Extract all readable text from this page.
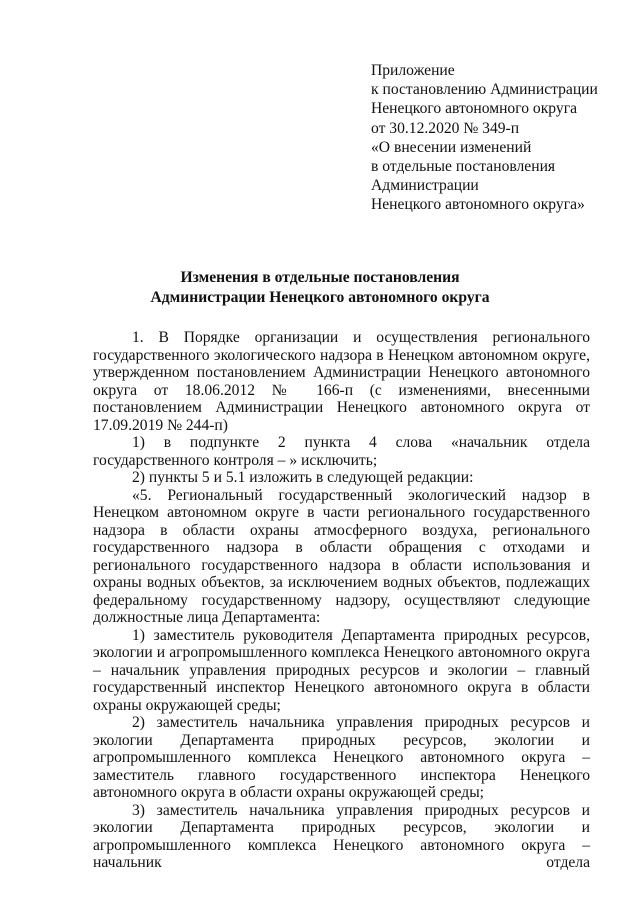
Приложение
к постановлению Администрации
Ненецкого автономного округа
от 30.12.2020 № 349-п
«О внесении изменений
в отдельные постановления
Администрации
Ненецкого автономного округа»
Изменения в отдельные постановления
Администрации Ненецкого автономного округа

1. В Порядке организации и осуществления регионального государственного экологического надзора в Ненецком автономном округе, утвержденном постановлением Администрации Ненецкого автономного округа от 18.06.2012 № 166-п (с изменениями, внесенными постановлением Администрации Ненецкого автономного округа от 17.09.2019 № 244-п)

1) в подпункте 2 пункта 4 слова «начальник отдела государственного контроля – » исключить;

2) пункты 5 и 5.1 изложить в следующей редакции:

«5. Региональный государственный экологический надзор в Ненецком автономном округе в части регионального государственного надзора в области охраны атмосферного воздуха, регионального государственного надзора в области обращения с отходами и регионального государственного надзора в области использования и охраны водных объектов, за исключением водных объектов, подлежащих федеральному государственному надзору, осуществляют следующие должностные лица Департамента:

1) заместитель руководителя Департамента природных ресурсов, экологии и агропромышленного комплекса Ненецкого автономного округа – начальник управления природных ресурсов и экологии – главный государственный инспектор Ненецкого автономного округа в области охраны окружающей среды;

2) заместитель начальника управления природных ресурсов и экологии Департамента природных ресурсов, экологии и агропромышленного комплекса Ненецкого автономного округа – заместитель главного государственного инспектора Ненецкого автономного округа в области охраны окружающей среды;

3) заместитель начальника управления природных ресурсов и экологии Департамента природных ресурсов, экологии и агропромышленного комплекса Ненецкого автономного округа – начальник отдела
